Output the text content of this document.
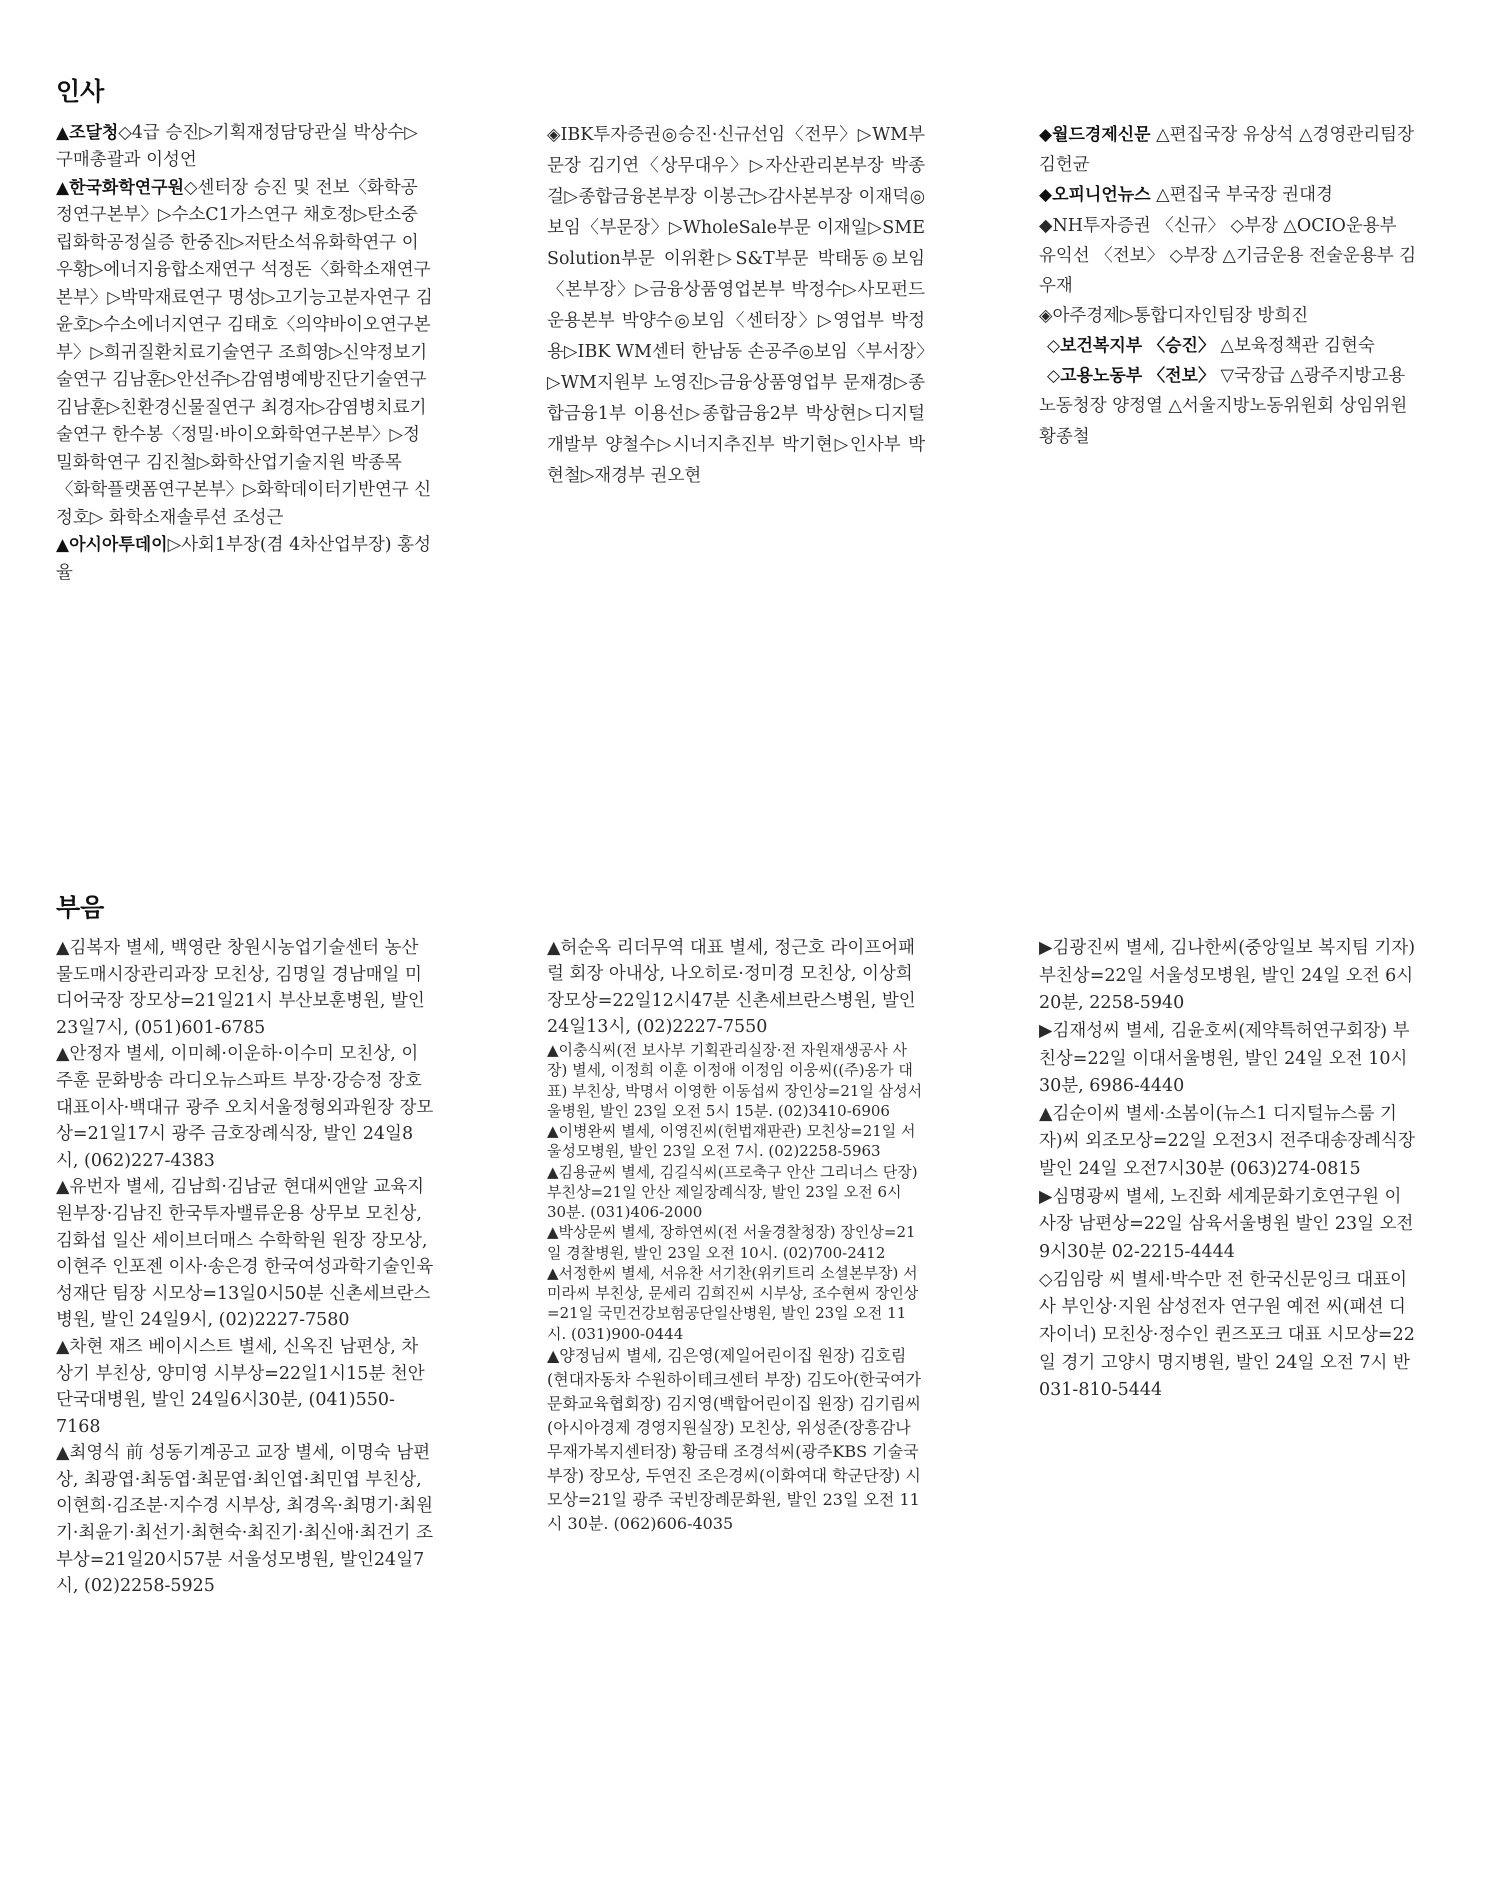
인사

▲조달청◇4급 승진▷기획재정담당관실 박상수▷구매총괄과 이성언

▲한국화학연구원◇센터장 승진 및 전보〈화학공정연구본부〉▷수소C1가스연구 채호정▷탄소중립화학공정실증 한중진▷저탄소석유화학연구 이우황▷에너지융합소재연구 석정돈〈화학소재연구본부〉▷박막재료연구 명성▷고기능고분자연구 김윤호▷수소에너지연구 김태호〈의약바이오연구본부〉▷희귀질환치료기술연구 조희영▷신약정보기술연구 김남훈▷안선주▷감염병예방진단기술연구 김남훈▷친환경신물질연구 최경자▷감염병치료기술연구 한수봉〈정밀·바이오화학연구본부〉▷정밀화학연구 김진철▷화학산업기술지원 박종목〈화학플랫폼연구본부〉▷화학데이터기반연구 신정호▷ 화학소재솔루션 조성근

▲아시아투데이▷사회1부장(겸 4차산업부장) 홍성율

◈IBK투자증권◎승진·신규선임〈전무〉▷WM부문장 김기연〈상무대우〉▷자산관리본부장 박종걸▷종합금융본부장 이봉근▷감사본부장 이재덕◎보임〈부문장〉▷WholeSale부문 이재일▷SME Solution부문 이위환▷S&T부문 박태동◎보임〈본부장〉▷금융상품영업본부 박정수▷사모펀드운용본부 박양수◎보임〈센터장〉▷영업부 박정용▷IBK WM센터 한남동 손공주◎보임〈부서장〉▷WM지원부 노영진▷금융상품영업부 문재경▷종합금융1부 이용선▷종합금융2부 박상현▷디지털개발부 양철수▷시너지추진부 박기현▷인사부 박현철▷재경부 권오현

◆월드경제신문 △편집국장 유상석 △경영관리팀장 김헌균

◆오피니언뉴스 △편집국 부국장 권대경

◆NH투자증권 〈신규〉 ◇부장 △OCIO운용부 유익선 〈전보〉 ◇부장 △기금운용 전술운용부 김우재

◈아주경제▷통합디자인팀장 방희진

◇보건복지부 〈승진〉 △보육정책관 김현숙

◇고용노동부 〈전보〉 ▽국장급 △광주지방고용노동청장 양정열 △서울지방노동위원회 상임위원 황종철

부음

▲김복자 별세, 백영란 창원시농업기술센터 농산물도매시장관리과장 모친상, 김명일 경남매일 미디어국장 장모상=21일21시 부산보훈병원, 발인 23일7시, (051)601-6785

▲안정자 별세, 이미혜·이운하·이수미 모친상, 이주훈 문화방송 라디오뉴스파트 부장·강승정 장호 대표이사·백대규 광주 오치서울정형외과원장 장모상=21일17시 광주 금호장례식장, 발인 24일8시, (062)227-4383

▲유번자 별세, 김남희·김남균 현대씨앤알 교육지원부장·김남진 한국투자밸류운용 상무보 모친상, 김화섭 일산 세이브더매스 수학학원 원장 장모상, 이현주 인포젠 이사·송은경 한국여성과학기술인육성재단 팀장 시모상=13일0시50분 신촌세브란스병원, 발인 24일9시, (02)2227-7580

▲차현 재즈 베이시스트 별세, 신옥진 남편상, 차상기 부친상, 양미영 시부상=22일1시15분 천안단국대병원, 발인 24일6시30분, (041)550-7168

▲최영식 前 성동기계공고 교장 별세, 이명숙 남편상, 최광엽·최동엽·최문엽·최인엽·최민엽 부친상, 이현희·김조분·지수경 시부상, 최경옥·최명기·최원기·최윤기·최선기·최현숙·최진기·최신애·최건기 조부상=21일20시57분 서울성모병원, 발인24일7시, (02)2258-5925

▲허순옥 리더무역 대표 별세, 정근호 라이프어패럴 회장 아내상, 나오히로·정미경 모친상, 이상희 장모상=22일12시47분 신촌세브란스병원, 발인 24일13시, (02)2227-7550

▲이충식씨(전 보사부 기획관리실장·전 자원재생공사 사장) 별세, 이정희 이훈 이정애 이정임 이웅씨((주)옹가 대표) 부친상, 박명서 이영한 이동섭씨 장인상=21일 삼성서울병원, 발인 23일 오전 5시 15분. (02)3410-6906

▲이병완씨 별세, 이영진씨(헌법재판관) 모친상=21일 서울성모병원, 발인 23일 오전 7시. (02)2258-5963

▲김용균씨 별세, 김길식씨(프로축구 안산 그리너스 단장) 부친상=21일 안산 제일장례식장, 발인 23일 오전 6시 30분. (031)406-2000

▲박상문씨 별세, 장하연씨(전 서울경찰청장) 장인상=21일 경찰병원, 발인 23일 오전 10시. (02)700-2412

▲서정한씨 별세, 서유찬 서기찬(위키트리 소셜본부장) 서미라씨 부친상, 문세리 김희진씨 시부상, 조수현씨 장인상=21일 국민건강보험공단일산병원, 발인 23일 오전 11시. (031)900-0444

▲양정님씨 별세, 김은영(제일어린이집 원장) 김호림(현대자동차 수원하이테크센터 부장) 김도아(한국여가문화교육협회장) 김지영(백합어린이집 원장) 김기림씨(아시아경제 경영지원실장) 모친상, 위성준(장흥감나무재가복지센터장) 황금태 조경석씨(광주KBS 기술국 부장) 장모상, 두연진 조은경씨(이화여대 학군단장) 시모상=21일 광주 국빈장례문화원, 발인 23일 오전 11시 30분. (062)606-4035

▶김광진씨 별세, 김나한씨(중앙일보 복지팀 기자) 부친상=22일 서울성모병원, 발인 24일 오전 6시20분, 2258-5940

▶김재성씨 별세, 김윤호씨(제약특허연구회장) 부친상=22일 이대서울병원, 발인 24일 오전 10시30분, 6986-4440

▲김순이씨 별세·소봄이(뉴스1 디지털뉴스룸 기자)씨 외조모상=22일 오전3시 전주대송장례식장 발인 24일 오전7시30분 (063)274-0815

▶심명광씨 별세, 노진화 세계문화기호연구원 이사장 남편상=22일 삼육서울병원 발인 23일 오전 9시30분 02-2215-4444

◇김임랑 씨 별세·박수만 전 한국신문잉크 대표이사 부인상·지원 삼성전자 연구원 예전 씨(패션 디자이너) 모친상·정수인 퀸즈포크 대표 시모상=22일 경기 고양시 명지병원, 발인 24일 오전 7시 반 031-810-5444
